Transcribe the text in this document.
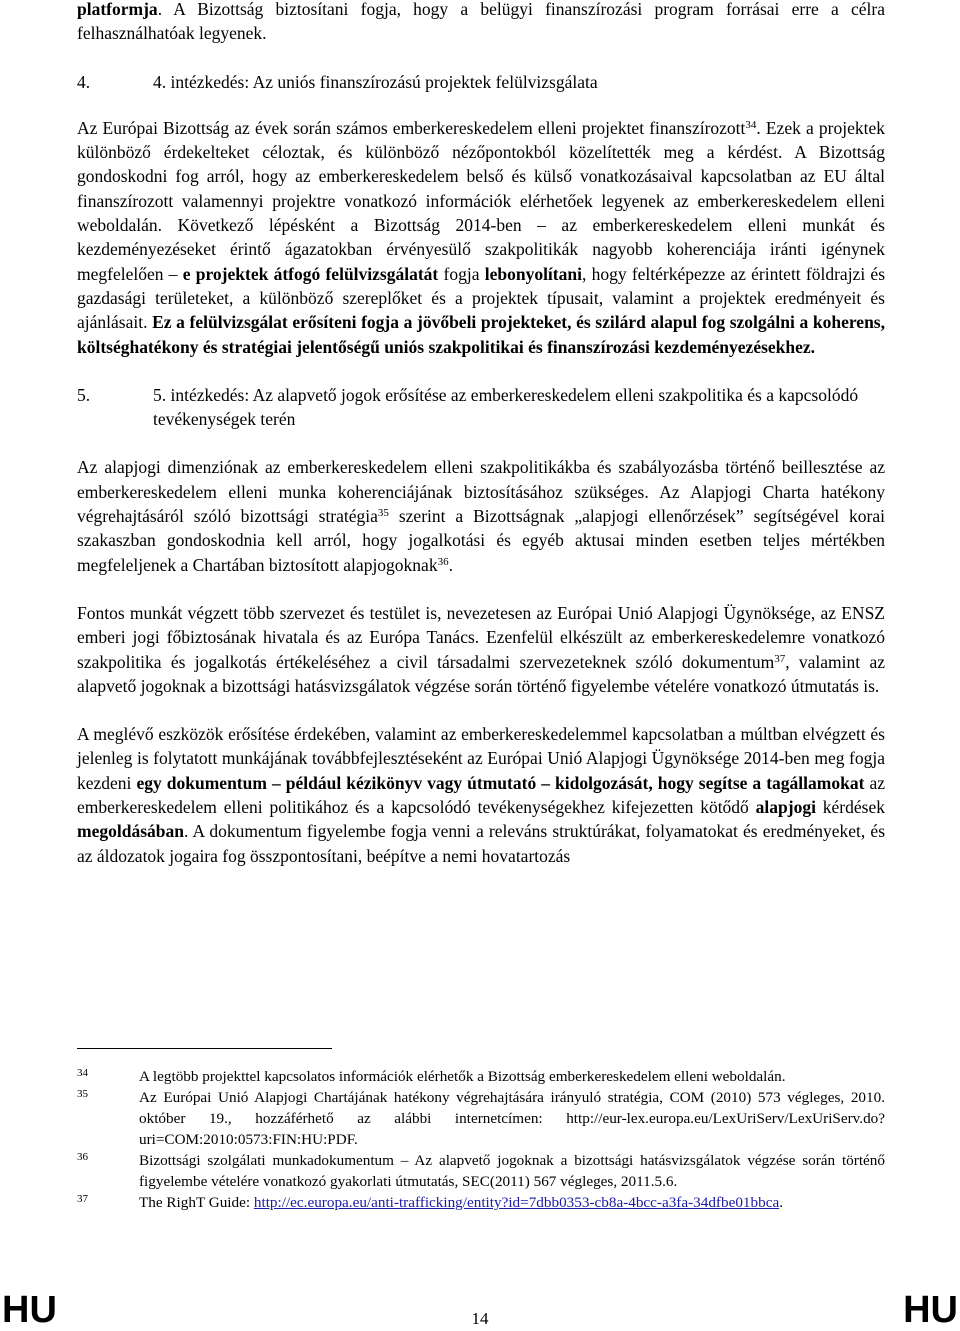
platformja. A Bizottság biztosítani fogja, hogy a belügyi finanszírozási program forrásai erre a célra felhasználhatóak legyenek.

4.	4. intézkedés: Az uniós finanszírozású projektek felülvizsgálata

Az Európai Bizottság az évek során számos emberkereskedelem elleni projektet finanszírozott$^{34}$. Ezek a projektek különböző érdekelteket céloztak, és különböző nézőpontokból közelítették meg a kérdést. A Bizottság gondoskodni fog arról, hogy az emberkereskedelem belső és külső vonatkozásaival kapcsolatban az EU által finanszírozott valamennyi projektre vonatkozó információk elérhetőek legyenek az emberkereskedelem elleni weboldalán. Következő lépésként a Bizottság 2014-ben – az emberkereskedelem elleni munkát és kezdeményezéseket érintő ágazatokban érvényesülő szakpolitikák nagyobb koherenciája iránti igénynek megfelelően – e projektek átfogó felülvizsgálatát fogja lebonyolítani, hogy feltérképezze az érintett földrajzi és gazdasági területeket, a különböző szereplőket és a projektek típusait, valamint a projektek eredményeit és ajánlásait. Ez a felülvizsgálat erősíteni fogja a jövőbeli projekteket, és szilárd alapul fog szolgálni a koherens, költséghatékony és stratégiai jelentőségű uniós szakpolitikai és finanszírozási kezdeményezésekhez.

5.	5. intézkedés: Az alapvető jogok erősítése az emberkereskedelem elleni szakpolitika és a kapcsolódó tevékenységek terén

Az alapjogi dimenziónak az emberkereskedelem elleni szakpolitikákba és szabályozásba történő beillesztése az emberkereskedelem elleni munka koherenciájának biztosításához szükséges. Az Alapjogi Charta hatékony végrehajtásáról szóló bizottsági stratégia$^{35}$ szerint a Bizottságnak „alapjogi ellenőrzések” segítségével korai szakaszban gondoskodnia kell arról, hogy jogalkotási és egyéb aktusai minden esetben teljes mértékben megfeleljenek a Chartában biztosított alapjogoknak$^{36}$.

Fontos munkát végzett több szervezet és testület is, nevezetesen az Európai Unió Alapjogi Ügynöksége, az ENSZ emberi jogi főbiztosának hivatala és az Európa Tanács. Ezenfelül elkészült az emberkereskedelemre vonatkozó szakpolitika és jogalkotás értékeléséhez a civil társadalmi szervezeteknek szóló dokumentum$^{37}$, valamint az alapvető jogoknak a bizottsági hatásvizsgálatok végzése során történő figyelembe vételére vonatkozó útmutatás is.

A meglévő eszközök erősítése érdekében, valamint az emberkereskedelemmel kapcsolatban a múltban elvégzett és jelenleg is folytatott munkájának továbbfejlesztéseként az Európai Unió Alapjogi Ügynöksége 2014-ben meg fogja kezdeni egy dokumentum – például kézikönyv vagy útmutató – kidolgozását, hogy segítse a tagállamokat az emberkereskedelem elleni politikához és a kapcsolódó tevékenységekhez kifejezetten kötődő alapjogi kérdések megoldásában. A dokumentum figyelembe fogja venni a releváns struktúrákat, folyamatokat és eredményeket, és az áldozatok jogaira fog összpontosítani, beépítve a nemi hovatartozás

34	A legtöbb projekttel kapcsolatos információk elérhetők a Bizottság emberkereskedelem elleni weboldalán.
35	Az Európai Unió Alapjogi Chartájának hatékony végrehajtására irányuló stratégia, COM (2010) 573 végleges, 2010. október 19., hozzáférhető az alábbi internetcímen: http://eur-lex.europa.eu/LexUriServ/LexUriServ.do?uri=COM:2010:0573:FIN:HU:PDF.
36	Bizottsági szolgálati munkadokumentum – Az alapvető jogoknak a bizottsági hatásvizsgálatok végzése során történő figyelembe vételére vonatkozó gyakorlati útmutatás, SEC(2011) 567 végleges, 2011.5.6.
37	The RighT Guide: http://ec.europa.eu/anti-trafficking/entity?id=7dbb0353-cb8a-4bcc-a3fa-34dfbe01bbca.
HU	14	HU
